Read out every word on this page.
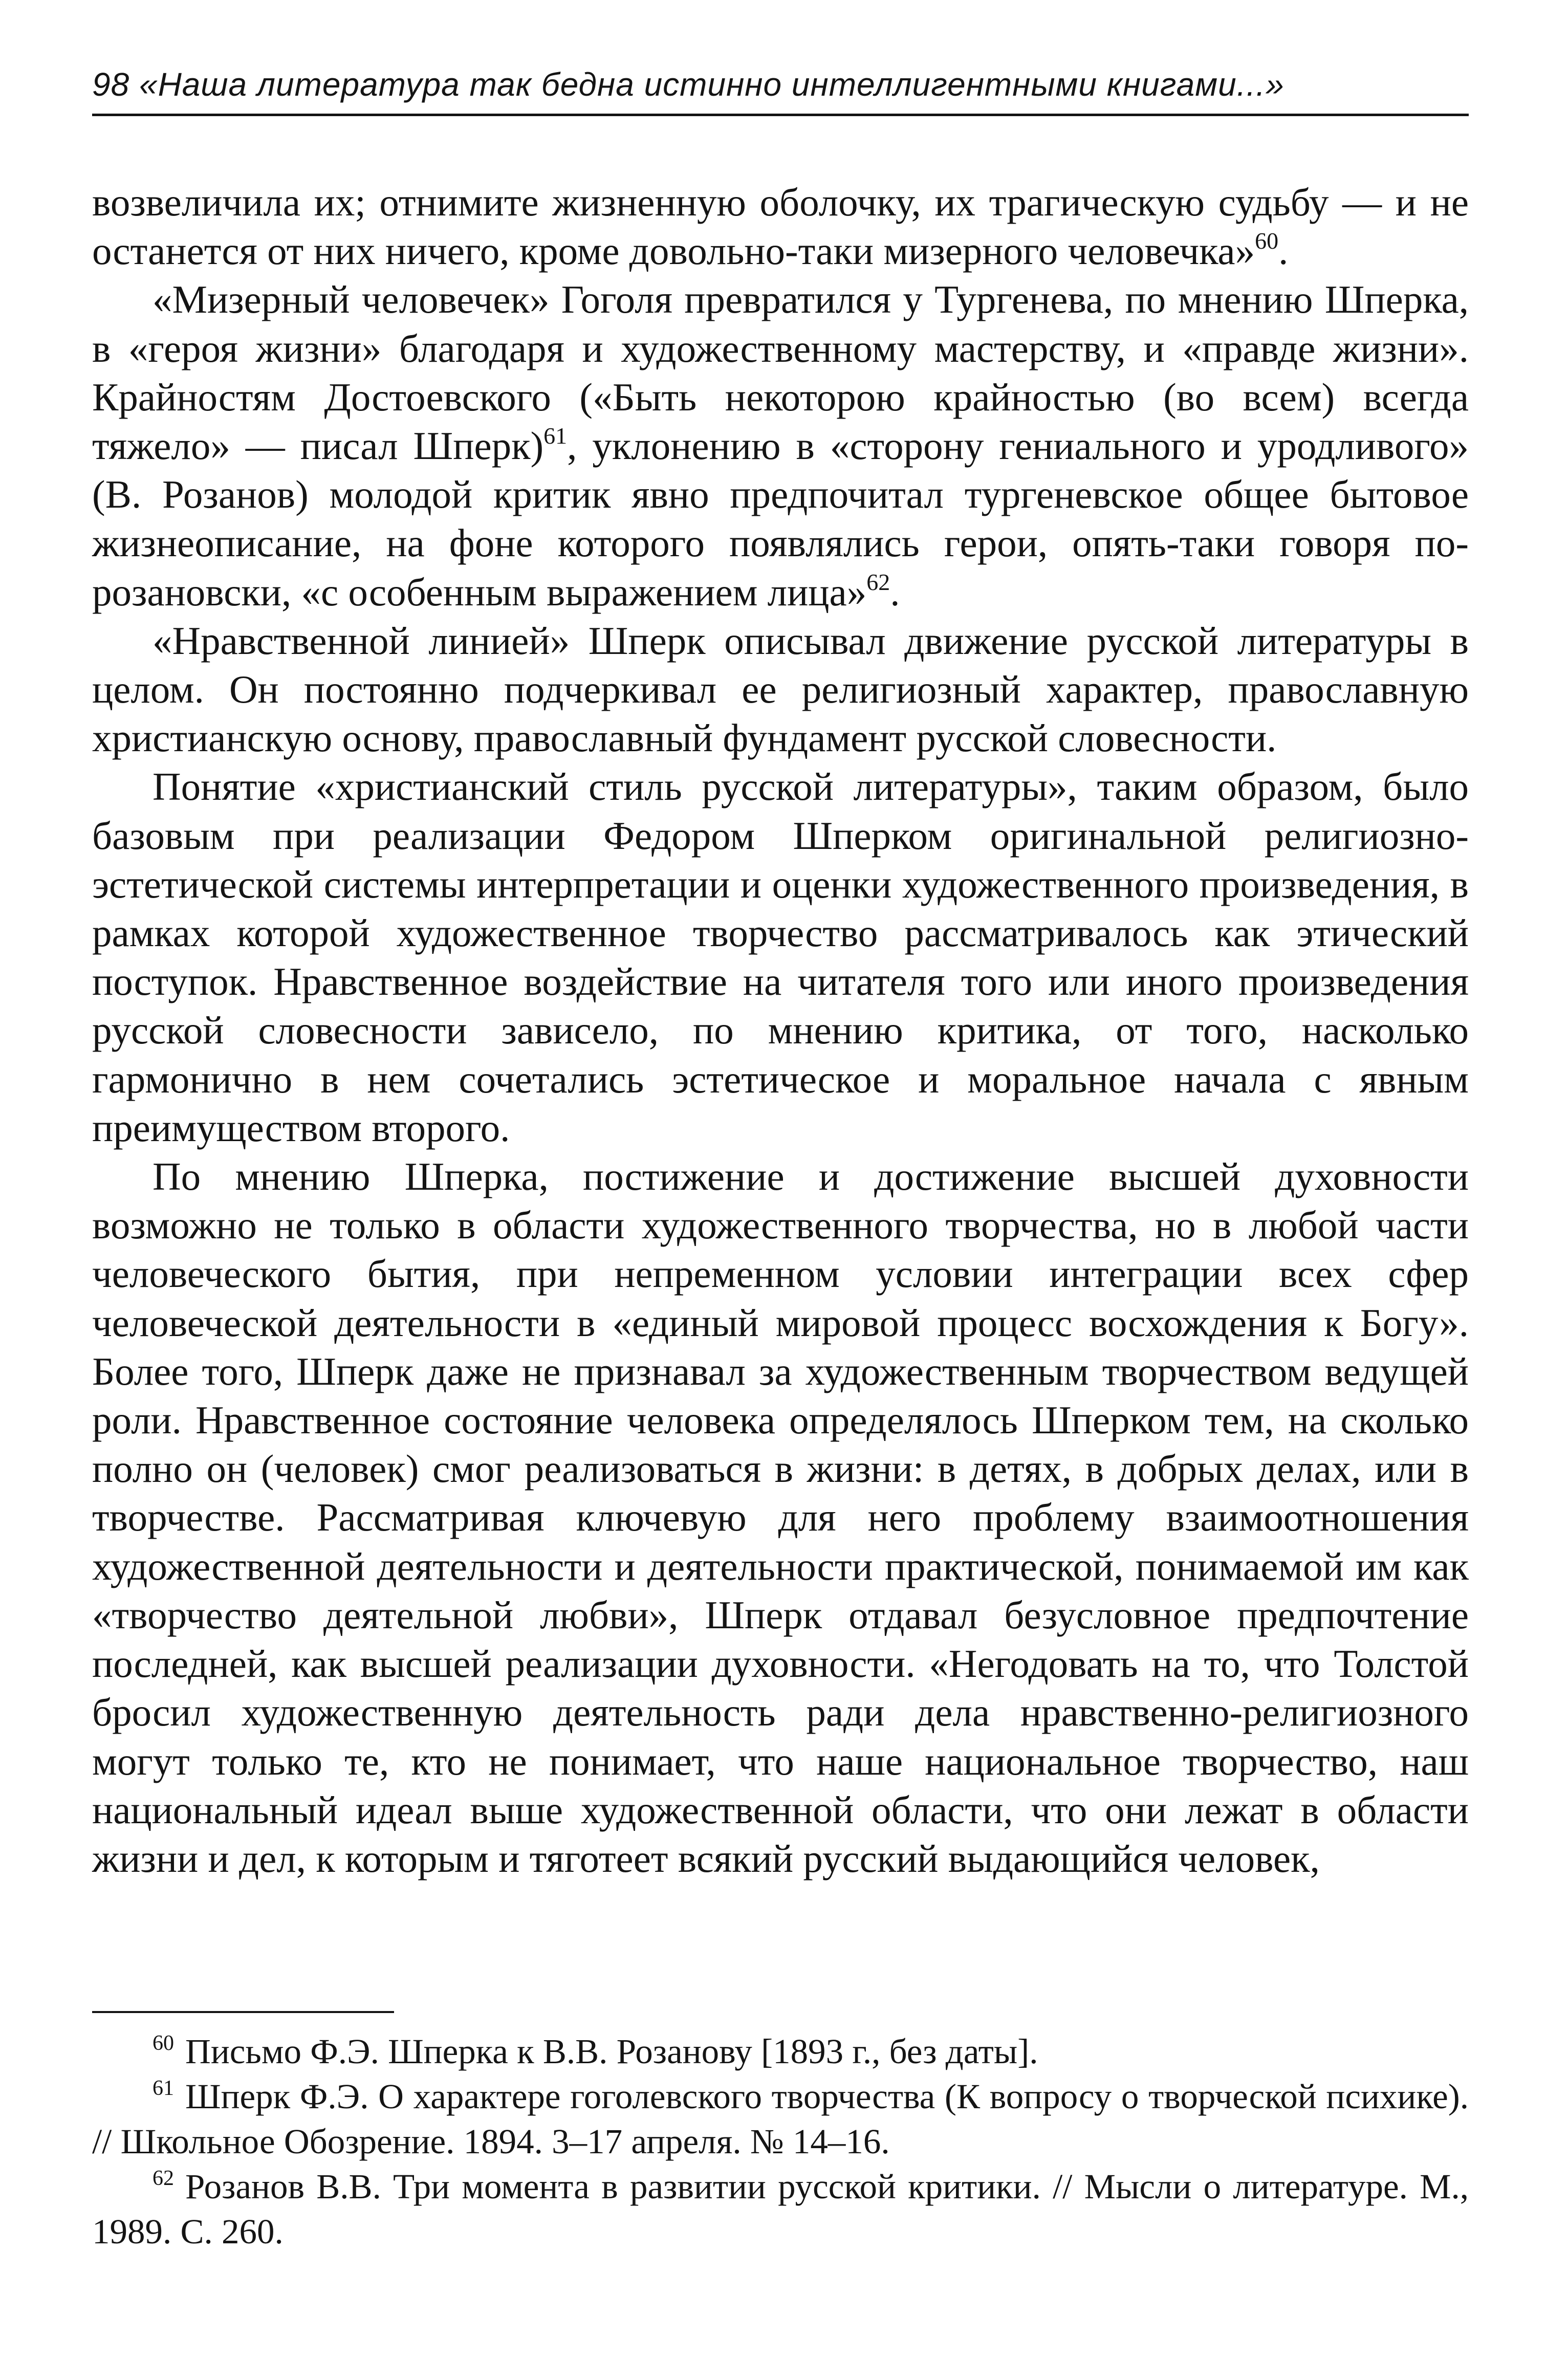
98 «Наша литература так бедна истинно интеллигентными книгами...»

возвеличила их; отнимите жизненную оболочку, их трагическую судьбу — и не останется от них ничего, кроме довольно-таки мизерного человечка»$^{60}$.

«Мизерный человечек» Гоголя превратился у Тургенева, по мнению Шперка, в «героя жизни» благодаря и художественному мастерству, и «правде жизни». Крайностям Достоевского («Быть некоторою крайностью (во всем) всегда тяжело» — писал Шперк)$^{61}$, уклонению в «сторону гениального и уродливого» (В. Розанов) молодой критик явно предпочитал тургеневское общее бытовое жизнеописание, на фоне которого появлялись герои, опять-таки говоря по-розановски, «с особенным выражением лица»$^{62}$.

«Нравственной линией» Шперк описывал движение русской литературы в целом. Он постоянно подчеркивал ее религиозный характер, православную христианскую основу, православный фундамент русской словесности.

Понятие «христианский стиль русской литературы», таким образом, было базовым при реализации Федором Шперком оригинальной религиозно-эстетической системы интерпретации и оценки художественного произведения, в рамках которой художественное творчество рассматривалось как этический поступок. Нравственное воздействие на читателя того или иного произведения русской словесности зависело, по мнению критика, от того, насколько гармонично в нем сочетались эстетическое и моральное начала с явным преимуществом второго.

По мнению Шперка, постижение и достижение высшей духовности возможно не только в области художественного творчества, но в любой части человеческого бытия, при непременном условии интеграции всех сфер человеческой деятельности в «единый мировой процесс восхождения к Богу». Более того, Шперк даже не признавал за художественным творчеством ведущей роли. Нравственное состояние человека определялось Шперком тем, на сколько полно он (человек) смог реализоваться в жизни: в детях, в добрых делах, или в творчестве. Рассматривая ключевую для него проблему взаимоотношения художественной деятельности и деятельности практической, понимаемой им как «творчество деятельной любви», Шперк отдавал безусловное предпочтение последней, как высшей реализации духовности. «Негодовать на то, что Толстой бросил художественную деятельность ради дела нравственно-религиозного могут только те, кто не понимает, что наше национальное творчество, наш национальный идеал выше художественной области, что они лежат в области жизни и дел, к которым и тяготеет всякий русский выдающийся человек,

$^{60}$ Письмо Ф.Э. Шперка к В.В. Розанову [1893 г., без даты].

$^{61}$ Шперк Ф.Э. О характере гоголевского творчества (К вопросу о творческой психике). // Школьное Обозрение. 1894. 3–17 апреля. № 14–16.

$^{62}$ Розанов В.В. Три момента в развитии русской критики. // Мысли о литературе. М., 1989. С. 260.
